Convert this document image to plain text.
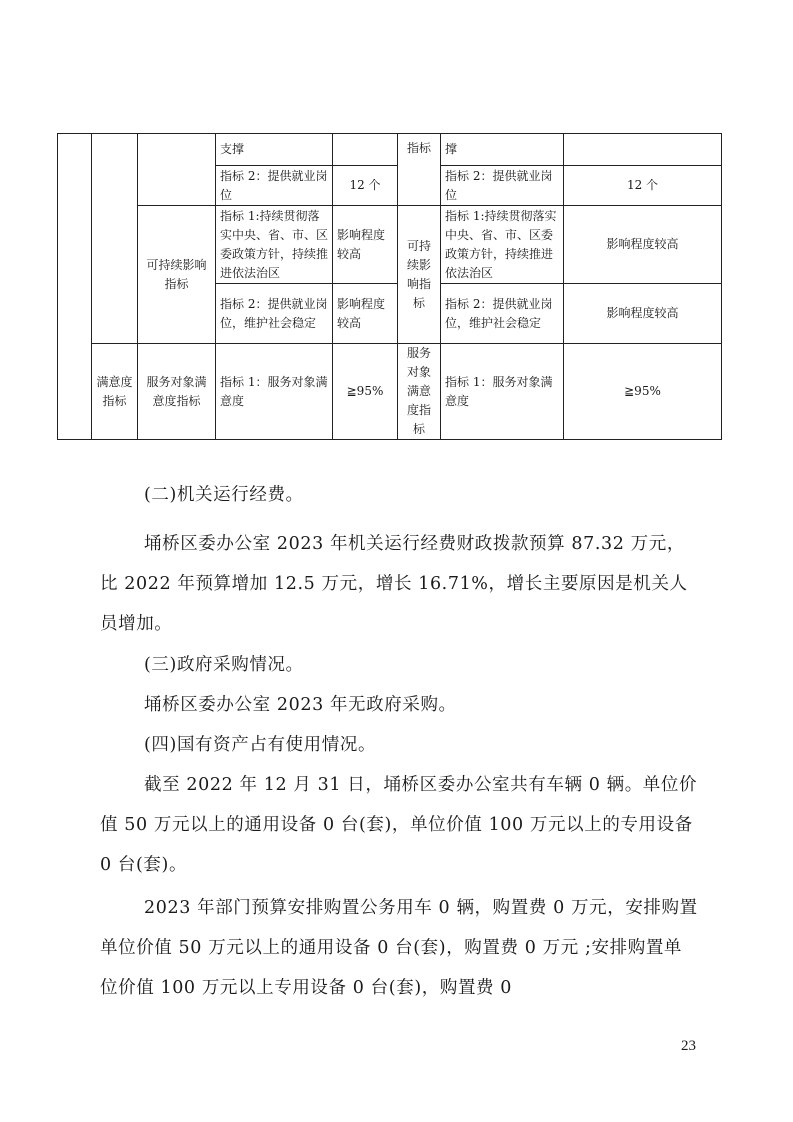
			支撑		指标	撑	
			指标 2：提供就业岗位	12 个		指标 2：提供就业岗位	12 个
		可持续影响 指标	指标 1:持续贯彻落实中央、省、市、区委政策方针，持续推进依法治区	影响程度较高	可持续影响指标	指标 1:持续贯彻落实中央、省、市、区委政策方针，持续推进依法治区	影响程度较高
			指标 2：提供就业岗位，维护社会稳定	影响程度较高		指标 2：提供就业岗位，维护社会稳定	影响程度较高
	满意度指标	服务对象满意度指标	指标 1：服务对象满意度	≧95%	服务对象满意度指标	指标 1：服务对象满意度	≧95%

(二)机关运行经费。

埇桥区委办公室 2023 年机关运行经费财政拨款预算 87.32 万元，比 2022 年预算增加 12.5 万元，增长 16.71%，增长主要原因是机关人员增加。

(三)政府采购情况。

埇桥区委办公室 2023 年无政府采购。

(四)国有资产占有使用情况。

截至 2022 年 12 月 31 日，埇桥区委办公室共有车辆 0 辆。单位价值 50 万元以上的通用设备 0 台(套)，单位价值 100 万元以上的专用设备 0 台(套)。

2023 年部门预算安排购置公务用车 0 辆，购置费 0 万元，安排购置单位价值 50 万元以上的通用设备 0 台(套)，购置费 0 万元 ;安排购置单位价值 100 万元以上专用设备 0 台(套)，购置费 0

23
